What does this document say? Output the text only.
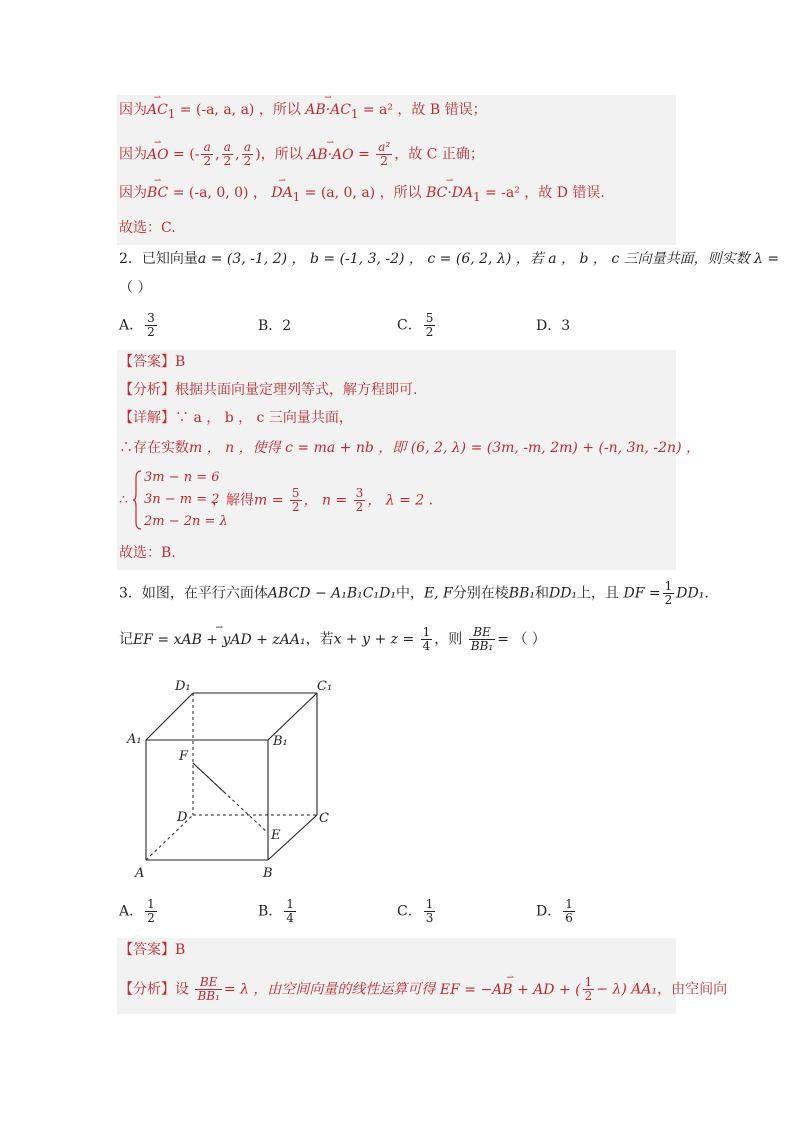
因为⇀ $AC_1 = (-a$, a, a) ，所以 ⇀ $AB\cdot AC_1 = a^2$ ，故 B 错误；
因为⇀ AO = (- $\frac{a}{2}$ , $\frac{a}{2}$ , $\frac{a}{2}$ )，所以 ⇀ $AB\cdot AO = \frac{\text{a²}}{2}$ ，故 C 正确；
因为⇀ BC = (-a, 0, 0) ， ⇀ $DA_1 = (a$, 0, a) ，所以 ⇀ $BC\cdot DA_1 = -a^2$ ，故 D 错误.
故选：C.
2．已知向量a = (3, -1, 2) ， b = (-1, 3, -2) ， c = (6, 2, λ) ，若 a ， b ， c 三向量共面，则实数 λ =
（ ）
A． $\frac{3}{2}$	B．2	C． $\frac{5}{2}$	D．3
【答案】B
【分析】根据共面向量定理列等式，解方程即可.
【详解】∵ a ， b ， c 三向量共面，
∴存在实数m ， n ，使得 c = ma + nb ，即 (6, 2, λ) = (3m, -m, 2m) + (-n, 3n, -2n) ，
∴
3m − n = 6
3n − m = 2
2m − 2n = λ
，解得$m = \frac{5}{2}$ ， $n = \frac{3}{2}$ ， λ = 2 .
故选：B.
3．如图，在平行六面体ABCD − A₁B₁C₁D₁中，E, F分别在棱BB₁和DD₁上，且 DF = $\frac{1}{2} DD_1$.
记⇀ EF = xAB + yAD + zAA₁，若$x + y + z = \frac{1}{4}$ ，则 $\frac{BE}{\text{BB₁}}$ = （ ）
D₁	C₁
A₁	B₁
F
D	C
E
A	B
A． $\frac{1}{2}$	B． $\frac{1}{4}$	C． $\frac{1}{3}$	D． $\frac{1}{6}$
【答案】B
【分析】设 $\frac{BE}{\text{BB₁}} = \lambda$ ，由空间向量的线性运算可得 ⇀ EF = −AB + AD + ( $\frac{1}{2} - \lambda$) AA₁，由空间向
